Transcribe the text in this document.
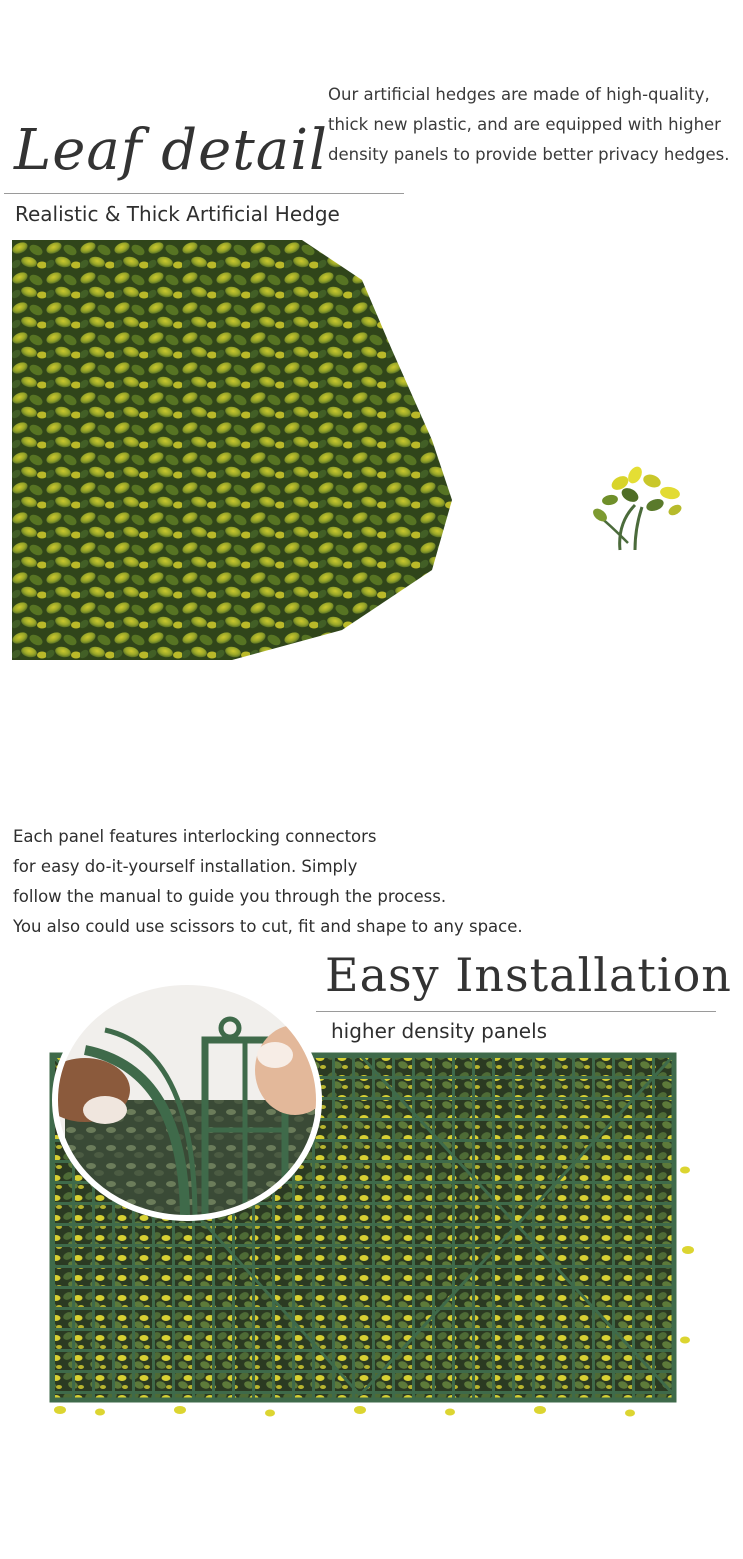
Our artificial hedges are made of high-quality,
thick new plastic, and are equipped with higher
density panels to provide better privacy hedges.
Leaf detail
Realistic & Thick Artificial Hedge
Each panel features interlocking connectors
for easy do-it-yourself installation. Simply
follow the manual to guide you through the process.
You also could use scissors to cut, fit and shape to any space.
Easy Installation
higher density panels
